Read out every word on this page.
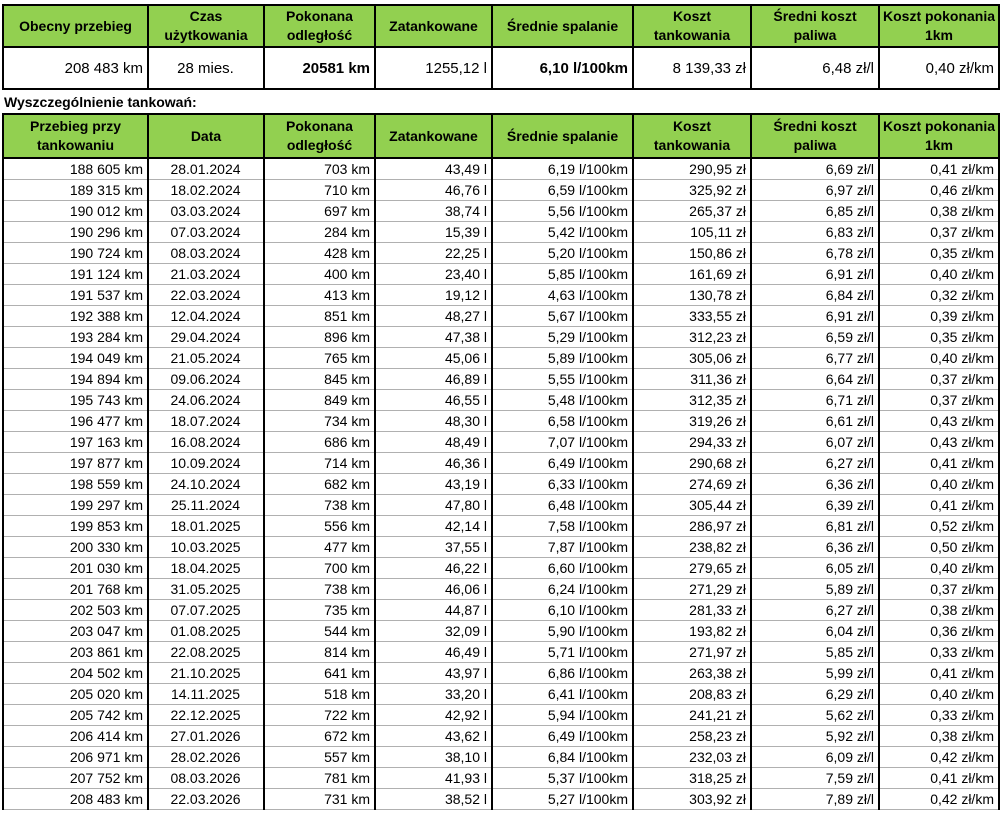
Obecny przebieg	Czas użytkowania	Pokonana odległość	Zatankowane	Średnie spalanie	Koszt tankowania	Średni koszt paliwa	Koszt pokonania 1km
208 483 km	28 mies.	20581 km	1255,12 l	6,10 l/100km	8 139,33 zł	6,48 zł/l	0,40 zł/km
Wyszczególnienie tankowań:
Przebieg przy tankowaniu	Data	Pokonana odległość	Zatankowane	Średnie spalanie	Koszt tankowania	Średni koszt paliwa	Koszt pokonania 1km
188 605 km	28.01.2024	703 km	43,49 l	6,19 l/100km	290,95 zł	6,69 zł/l	0,41 zł/km
189 315 km	18.02.2024	710 km	46,76 l	6,59 l/100km	325,92 zł	6,97 zł/l	0,46 zł/km
190 012 km	03.03.2024	697 km	38,74 l	5,56 l/100km	265,37 zł	6,85 zł/l	0,38 zł/km
190 296 km	07.03.2024	284 km	15,39 l	5,42 l/100km	105,11 zł	6,83 zł/l	0,37 zł/km
190 724 km	08.03.2024	428 km	22,25 l	5,20 l/100km	150,86 zł	6,78 zł/l	0,35 zł/km
191 124 km	21.03.2024	400 km	23,40 l	5,85 l/100km	161,69 zł	6,91 zł/l	0,40 zł/km
191 537 km	22.03.2024	413 km	19,12 l	4,63 l/100km	130,78 zł	6,84 zł/l	0,32 zł/km
192 388 km	12.04.2024	851 km	48,27 l	5,67 l/100km	333,55 zł	6,91 zł/l	0,39 zł/km
193 284 km	29.04.2024	896 km	47,38 l	5,29 l/100km	312,23 zł	6,59 zł/l	0,35 zł/km
194 049 km	21.05.2024	765 km	45,06 l	5,89 l/100km	305,06 zł	6,77 zł/l	0,40 zł/km
194 894 km	09.06.2024	845 km	46,89 l	5,55 l/100km	311,36 zł	6,64 zł/l	0,37 zł/km
195 743 km	24.06.2024	849 km	46,55 l	5,48 l/100km	312,35 zł	6,71 zł/l	0,37 zł/km
196 477 km	18.07.2024	734 km	48,30 l	6,58 l/100km	319,26 zł	6,61 zł/l	0,43 zł/km
197 163 km	16.08.2024	686 km	48,49 l	7,07 l/100km	294,33 zł	6,07 zł/l	0,43 zł/km
197 877 km	10.09.2024	714 km	46,36 l	6,49 l/100km	290,68 zł	6,27 zł/l	0,41 zł/km
198 559 km	24.10.2024	682 km	43,19 l	6,33 l/100km	274,69 zł	6,36 zł/l	0,40 zł/km
199 297 km	25.11.2024	738 km	47,80 l	6,48 l/100km	305,44 zł	6,39 zł/l	0,41 zł/km
199 853 km	18.01.2025	556 km	42,14 l	7,58 l/100km	286,97 zł	6,81 zł/l	0,52 zł/km
200 330 km	10.03.2025	477 km	37,55 l	7,87 l/100km	238,82 zł	6,36 zł/l	0,50 zł/km
201 030 km	18.04.2025	700 km	46,22 l	6,60 l/100km	279,65 zł	6,05 zł/l	0,40 zł/km
201 768 km	31.05.2025	738 km	46,06 l	6,24 l/100km	271,29 zł	5,89 zł/l	0,37 zł/km
202 503 km	07.07.2025	735 km	44,87 l	6,10 l/100km	281,33 zł	6,27 zł/l	0,38 zł/km
203 047 km	01.08.2025	544 km	32,09 l	5,90 l/100km	193,82 zł	6,04 zł/l	0,36 zł/km
203 861 km	22.08.2025	814 km	46,49 l	5,71 l/100km	271,97 zł	5,85 zł/l	0,33 zł/km
204 502 km	21.10.2025	641 km	43,97 l	6,86 l/100km	263,38 zł	5,99 zł/l	0,41 zł/km
205 020 km	14.11.2025	518 km	33,20 l	6,41 l/100km	208,83 zł	6,29 zł/l	0,40 zł/km
205 742 km	22.12.2025	722 km	42,92 l	5,94 l/100km	241,21 zł	5,62 zł/l	0,33 zł/km
206 414 km	27.01.2026	672 km	43,62 l	6,49 l/100km	258,23 zł	5,92 zł/l	0,38 zł/km
206 971 km	28.02.2026	557 km	38,10 l	6,84 l/100km	232,03 zł	6,09 zł/l	0,42 zł/km
207 752 km	08.03.2026	781 km	41,93 l	5,37 l/100km	318,25 zł	7,59 zł/l	0,41 zł/km
208 483 km	22.03.2026	731 km	38,52 l	5,27 l/100km	303,92 zł	7,89 zł/l	0,42 zł/km
